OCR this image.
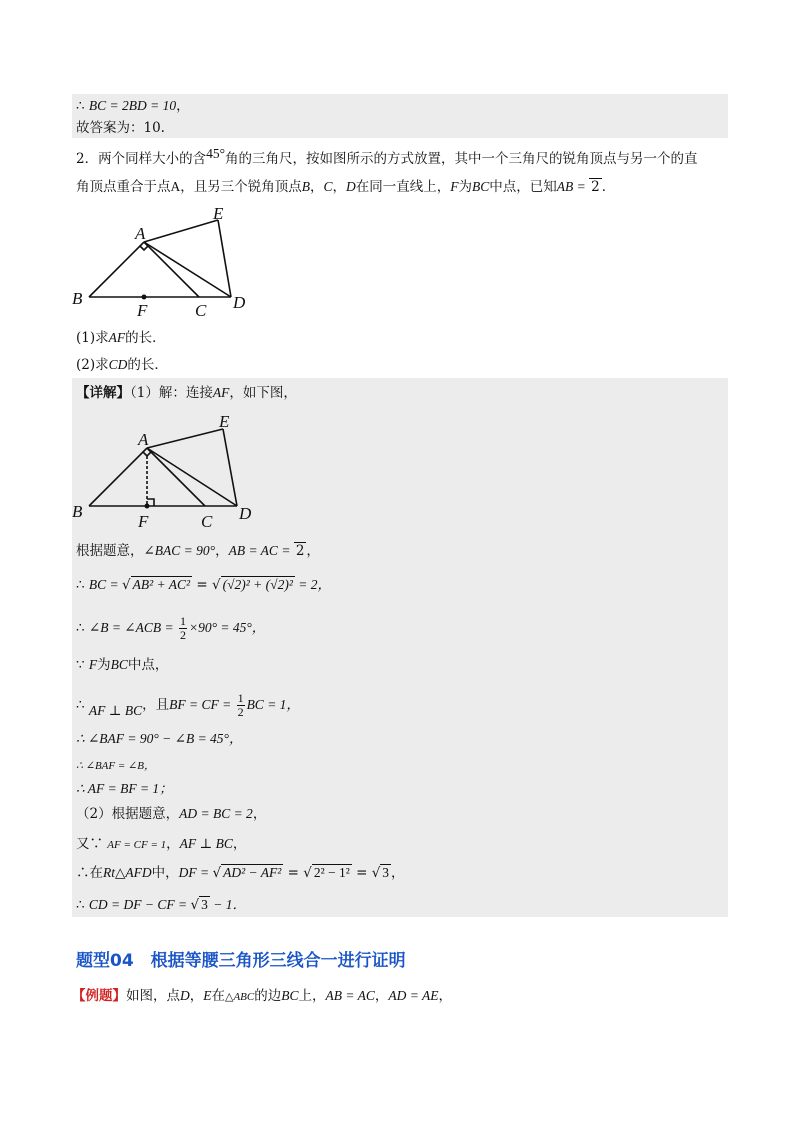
∴ BC = 2BD = 10，
故答案为：10.
2．两个同样大小的含45°角的三角尺，按如图所示的方式放置，其中一个三角尺的锐角顶点与另一个的直
角顶点重合于点A，且另三个锐角顶点B，C，D在同一直线上，F为BC中点，已知AB = 2 ．
A
E
B
F	C D
(1)求AF的长．
(2)求CD的长．
【详解】（1）解：连接AF，如下图，
A
E
B
F	C D
根据题意，∠BAC = 90°，AB = AC = 2 ，
∴ BC = √ AB² + AC² = √ (√2)² + (√2)² = 2，
∴ ∠B = ∠ACB = $\frac{1}{2} \times 90^\circ = 45^\circ$，
∵ F为BC中点，
∴ AF ⊥ BC，且BF = CF = $\frac{1}{2}$ BC = 1，
∴ ∠BAF = 90° − ∠B = 45°，
∴ ∠BAF = ∠B，
∴ AF = BF = 1；
（2）根据题意，AD = BC = 2，
又∵ AF = CF = 1，AF ⊥ BC，
∴在Rt△AFD中，DF = √ AD² − AF² = √ 2² − 1² = √ 3 ，
∴ CD = DF − CF = √ 3 − 1．
题型04　根据等腰三角形三线合一进行证明
【例题】如图，点D，E在△ABC的边BC上，AB = AC，AD = AE，
